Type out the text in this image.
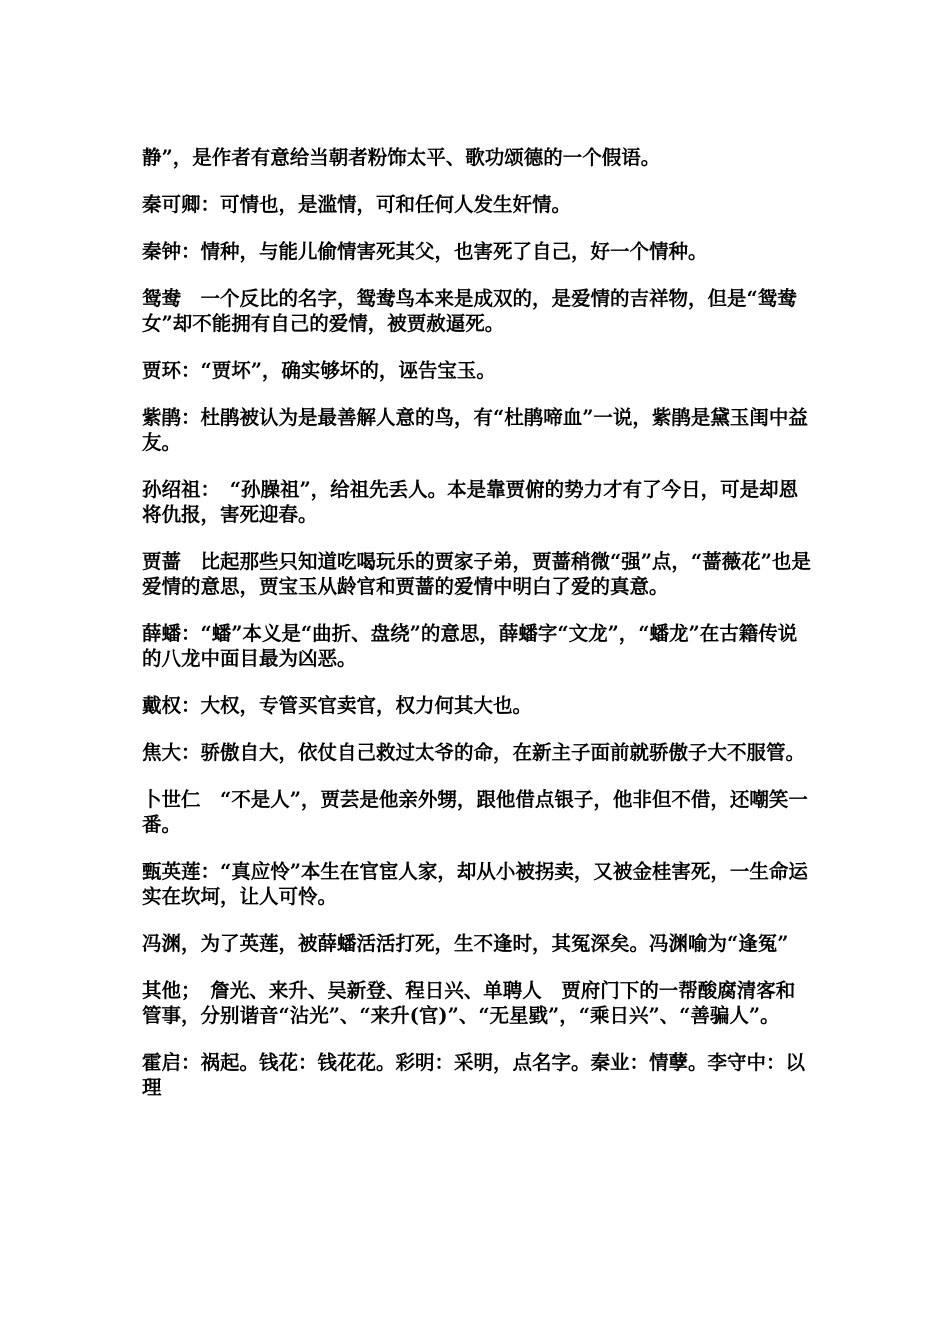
静”，是作者有意给当朝者粉饰太平、歌功颂德的一个假语。

秦可卿：可情也，是滥情，可和任何人发生奸情。

秦钟：情种，与能儿偷情害死其父，也害死了自己，好一个情种。

鸳鸯　一个反比的名字，鸳鸯鸟本来是成双的，是爱情的吉祥物，但是“鸳鸯女”却不能拥有自己的爱情，被贾赦逼死。

贾环：“贾坏”，确实够坏的，诬告宝玉。

紫鹃：杜鹃被认为是最善解人意的鸟，有“杜鹃啼血”一说，紫鹃是黛玉闺中益友。

孙绍祖：　“孙臊祖”，给祖先丢人。本是靠贾俯的势力才有了今日，可是却恩将仇报，害死迎春。

贾蔷　比起那些只知道吃喝玩乐的贾家子弟，贾蔷稍微“强”点，“蔷薇花”也是爱情的意思，贾宝玉从龄官和贾蔷的爱情中明白了爱的真意。

薛蟠：“蟠”本义是“曲折、盘绕”的意思，薛蟠字“文龙”，“蟠龙”在古籍传说的八龙中面目最为凶恶。

戴权：大权，专管买官卖官，权力何其大也。

焦大：骄傲自大，依仗自己救过太爷的命，在新主子面前就骄傲子大不服管。

卜世仁　“不是人”，贾芸是他亲外甥，跟他借点银子，他非但不借，还嘲笑一番。

甄英莲：“真应怜”本生在官宦人家，却从小被拐卖，又被金桂害死，一生命运实在坎坷，让人可怜。

冯渊，为了英莲，被薛蟠活活打死，生不逢时，其冤深矣。冯渊喻为“逢冤”

其他；　詹光、来升、吴新登、程日兴、单聘人　贾府门下的一帮酸腐清客和管事，分别谐音“沾光”、“来升(官)”、“无星戥”，“乘日兴”、“善骗人”。

霍启：祸起。钱花：钱花花。彩明：采明，点名字。秦业：情孽。李守中：以理
